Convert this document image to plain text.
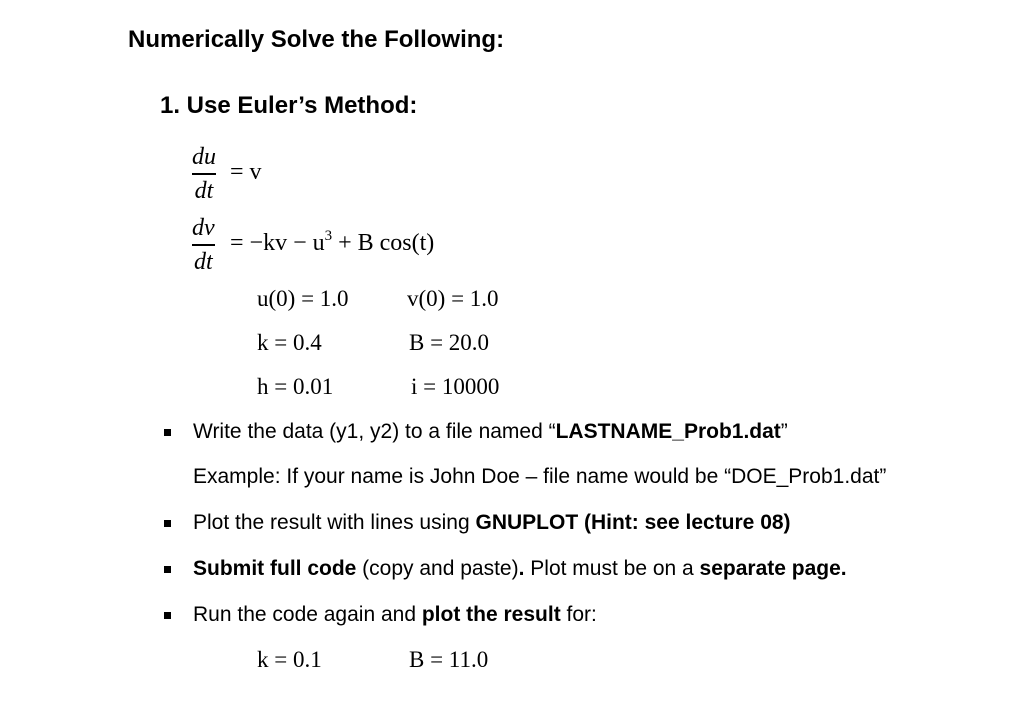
Numerically Solve the Following:
1. Use Euler’s Method:
du
dt
= v
dv
dt
= $-kv - u^3 + B$ cos(t)
u(0) = 1.0	v(0) = 1.0
k = 0.4	B = 20.0
h = 0.01	i = 10000
Write the data (y1, y2) to a file named “LASTNAME_Prob1.dat”
Example: If your name is John Doe – file name would be “DOE_Prob1.dat”
Plot the result with lines using GNUPLOT (Hint: see lecture 08)
Submit full code (copy and paste). Plot must be on a separate page.
Run the code again and plot the result for:
k = 0.1	B = 11.0
